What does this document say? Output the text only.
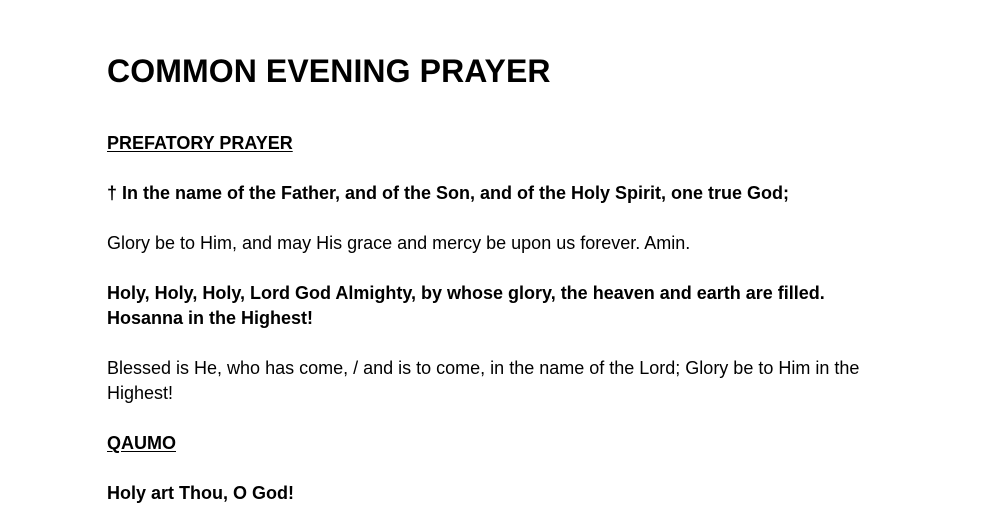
COMMON EVENING PRAYER
PREFATORY PRAYER

† In the name of the Father, and of the Son, and of the Holy Spirit, one true God;

Glory be to Him, and may His grace and mercy be upon us forever. Amin.

Holy, Holy, Holy, Lord God Almighty, by whose glory, the heaven and earth are filled.

Hosanna in the Highest!

Blessed is He, who has come, / and is to come, in the name of the Lord; Glory be to Him in the

Highest!

QAUMO

Holy art Thou, O God!
